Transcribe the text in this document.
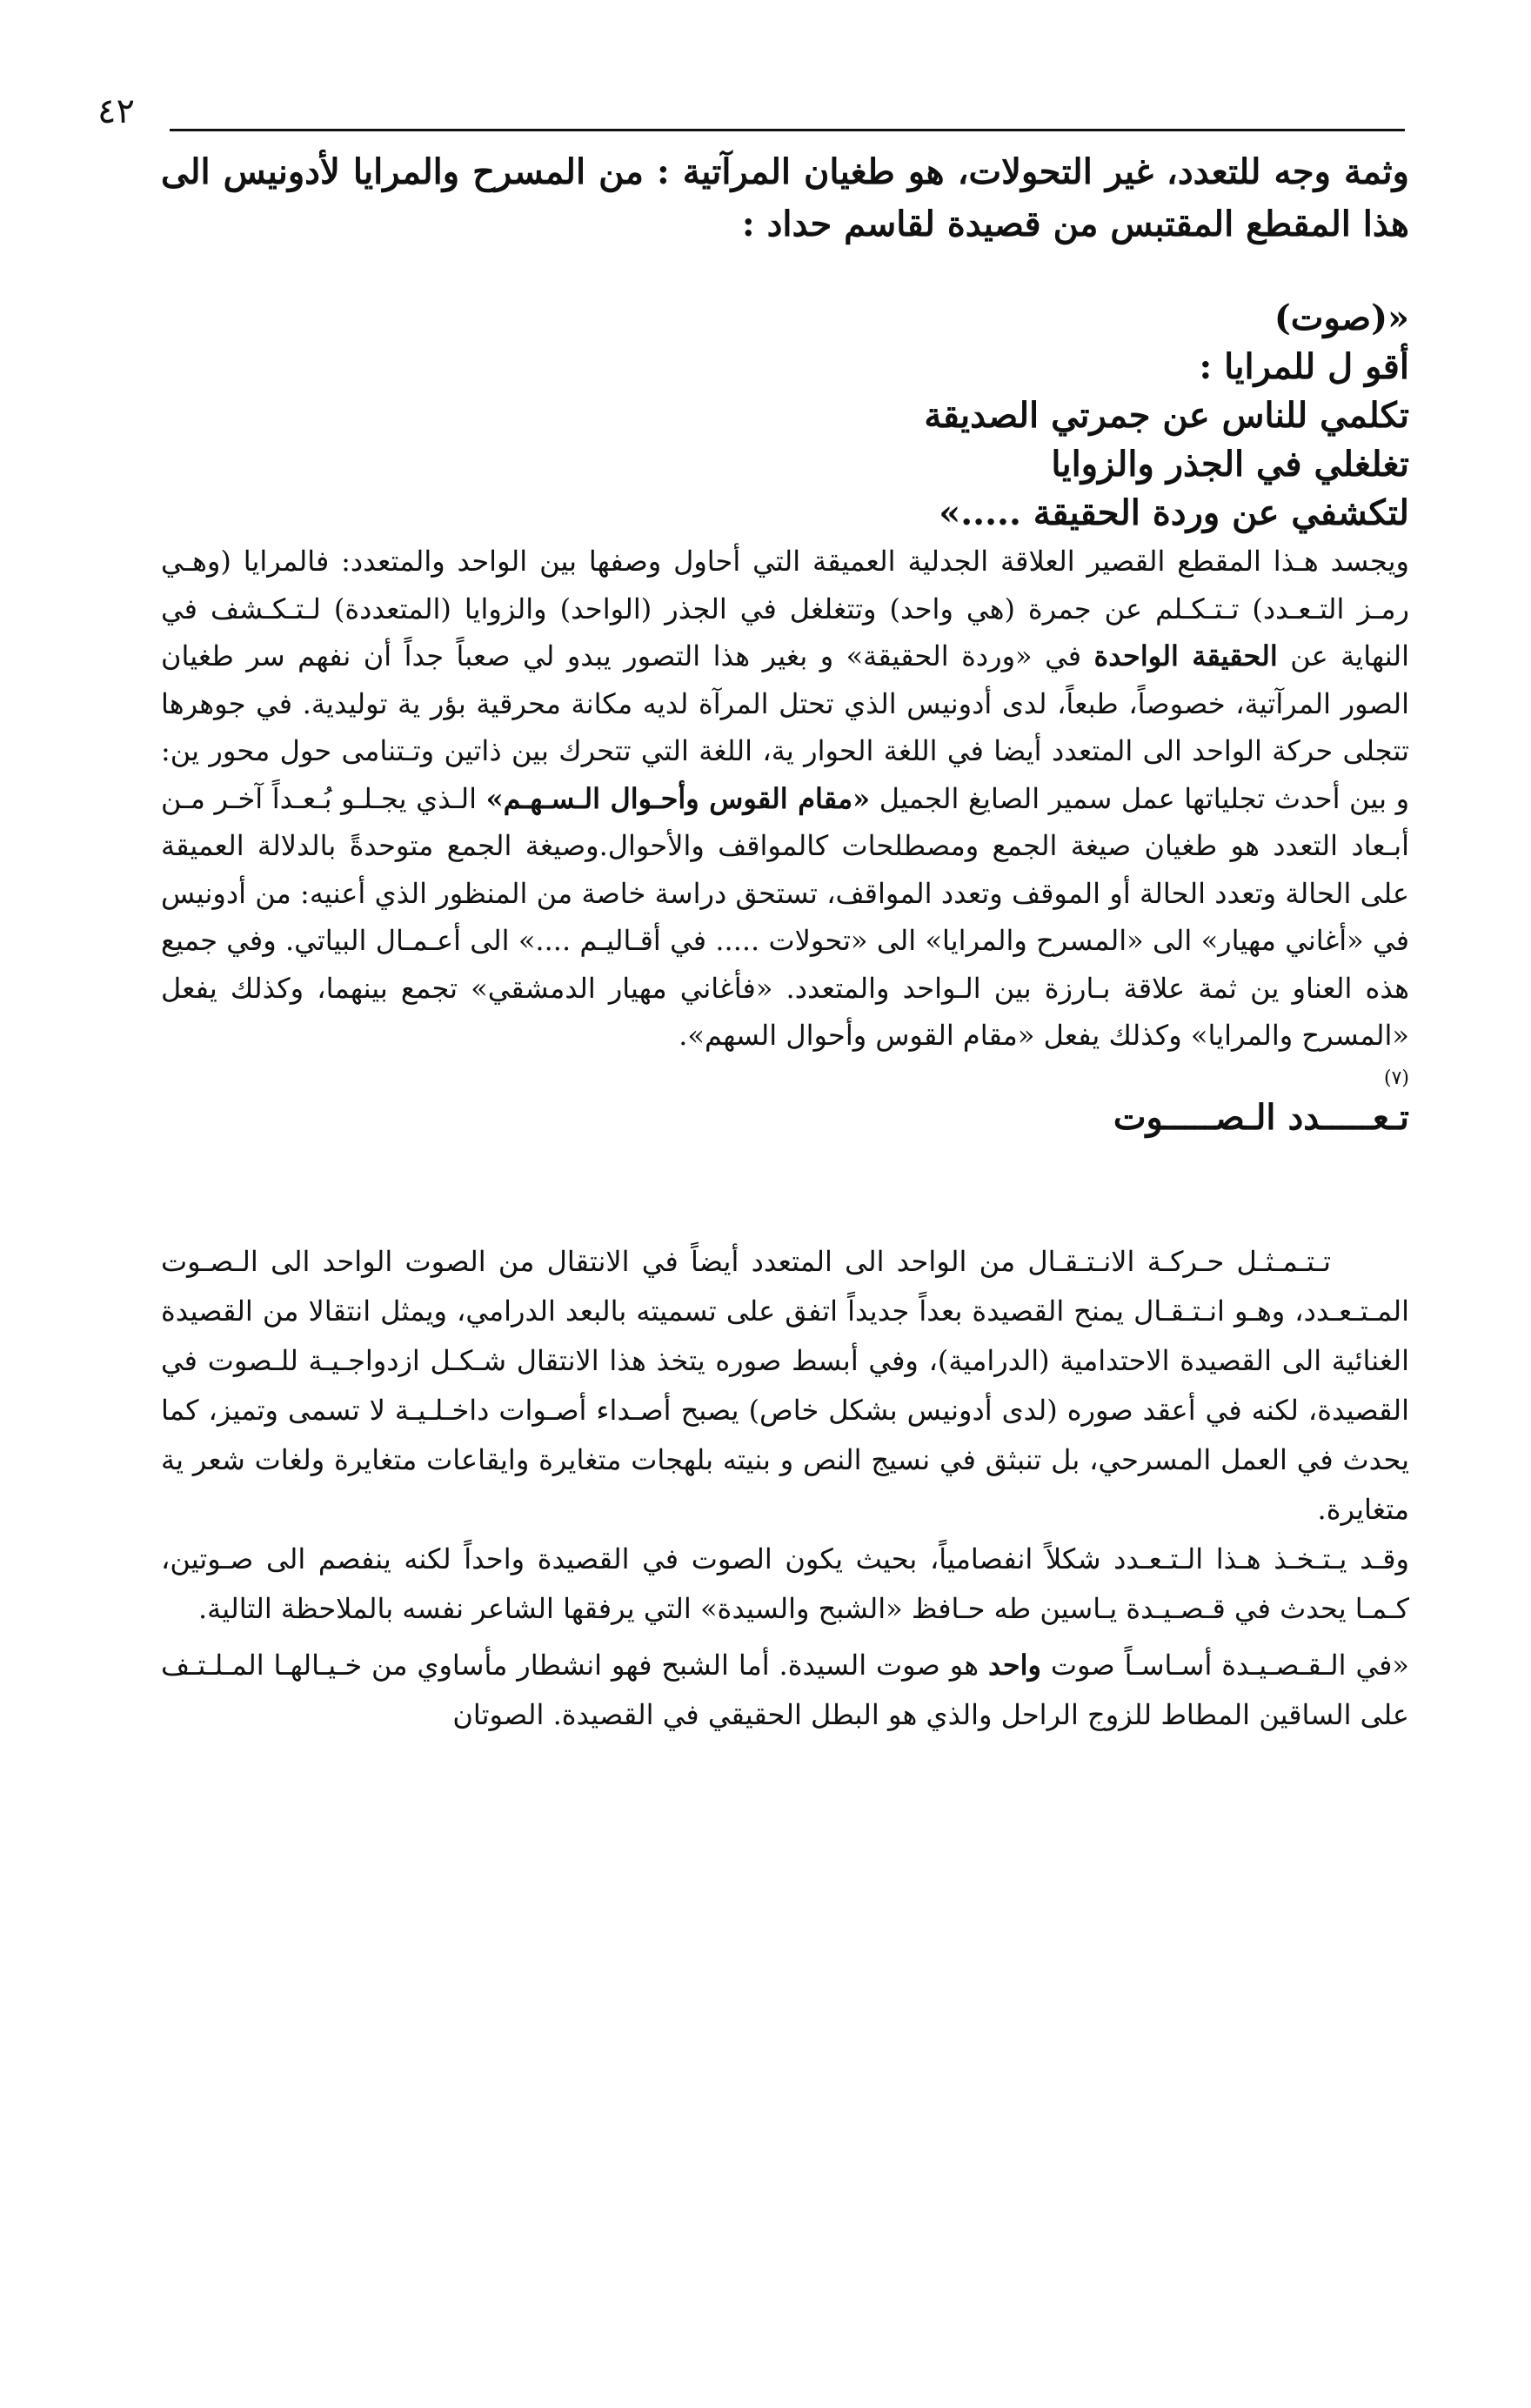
٤٢

وثمة وجه للتعدد، غير التحولات، هو طغيان المرآتية : من المسرح والمرايا لأدونيس الى هذا المقطع المقتبس من قصيدة لقاسم حداد :

«(صوت)
أقو ل للمرايا :
تكلمي للناس عن جمرتي الصديقة
تغلغلي في الجذر والزوايا
لتكشفي عن وردة الحقيقة .....»

ويجسد هـذا المقطع القصير العلاقة الجدلية العميقة التي أحاول وصفها بين الواحد والمتعدد: فالمرايا (وهـي رمـز التـعـدد) تـتـكـلم عن جمرة (هي واحد) وتتغلغل في الجذر (الواحد) والزوايا (المتعددة) لـتـكـشف في النهاية عن الحقيقة الواحدة في «وردة الحقيقة» و بغير هذا التصور يبدو لي صعباً جداً أن نفهم سر طغيان الصور المرآتية، خصوصاً، طبعاً، لدى أدونيس الذي تحتل المرآة لديه مكانة محرقية بؤر ية توليدية. في جوهرها تتجلى حركة الواحد الى المتعدد أيضا في اللغة الحوار ية، اللغة التي تتحرك بين ذاتين وتـتنامى حول محور ين: و بين أحدث تجلياتها عمل سمير الصايغ الجميل «مقام القوس وأحـوال الـسـهـم» الـذي يجـلـو بُـعـداً آخـر مـن أبـعاد التعدد هو طغيان صيغة الجمع ومصطلحات كالمواقف والأحوال.وصيغة الجمع متوحدةً بالدلالة العميقة على الحالة وتعدد الحالة أو الموقف وتعدد المواقف، تستحق دراسة خاصة من المنظور الذي أعنيه: من أدونيس في «أغاني مهيار» الى «المسرح والمرايا» الى «تحولات ..... في أقـاليـم ....» الى أعـمـال البياتي. وفي جميع هذه العناو ين ثمة علاقة بـارزة بين الـواحد والمتعدد. «فأغاني مهيار الدمشقي» تجمع بينهما، وكذلك يفعل «المسرح والمرايا» وكذلك يفعل «مقام القوس وأحوال السهم».

(٧)
تـعـــــدد الـصـــــوت

تـتـمـثـل حـركـة الانـتـقـال من الواحد الى المتعدد أيضاً في الانتقال من الصوت الواحد الى الـصـوت المـتـعـدد، وهـو انـتـقـال يمنح القصيدة بعداً جديداً اتفق على تسميته بالبعد الدرامي، ويمثل انتقالا من القصيدة الغنائية الى القصيدة الاحتدامية (الدرامية)، وفي أبسط صوره يتخذ هذا الانتقال شـكـل ازدواجـيـة للـصوت في القصيدة، لكنه في أعقد صوره (لدى أدونيس بشكل خاص) يصبح أصـداء أصـوات داخـلـيـة لا تسمى وتميز، كما يحدث في العمل المسرحي، بل تنبثق في نسيج النص و بنيته بلهجات متغايرة وايقاعات متغايرة ولغات شعر ية متغايرة.

وقـد يـتـخـذ هـذا الـتـعـدد شكلاً انفصامياً، بحيث يكون الصوت في القصيدة واحداً لكنه ينفصم الى صـوتين، كـمـا يحدث في قـصـيـدة يـاسين طه حـافظ «الشبح والسيدة» التي يرفقها الشاعر نفسه بالملاحظة التالية.

«في الـقـصـيـدة أسـاسـاً صوت واحد هو صوت السيدة. أما الشبح فهو انشطار مأساوي من خـيـالهـا المـلـتـف على الساقين المطاط للزوج الراحل والذي هو البطل الحقيقي في القصيدة. الصوتان
